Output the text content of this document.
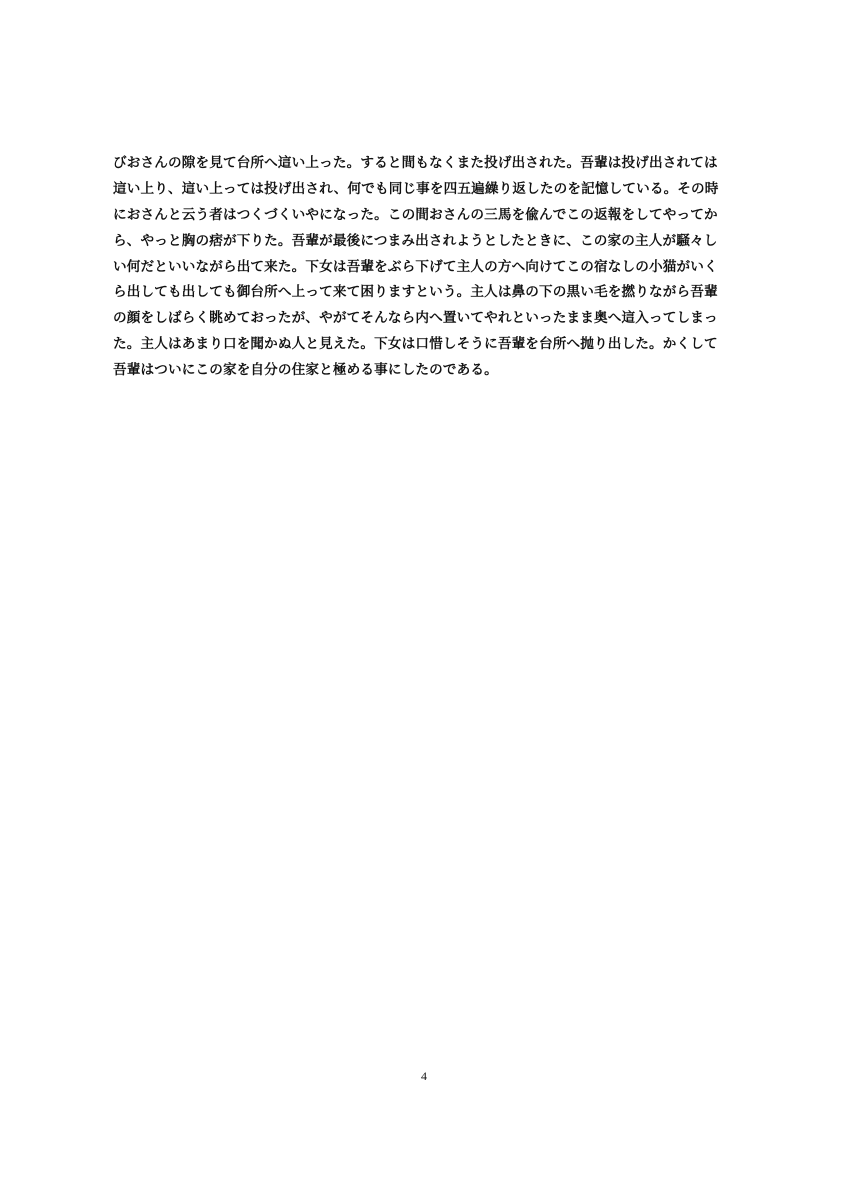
びおさんの隙を見て台所へ這い上った。すると間もなくまた投げ出された。吾輩は投げ出されては
這い上り、這い上っては投げ出され、何でも同じ事を四五遍繰り返したのを記憶している。その時
におさんと云う者はつくづくいやになった。この間おさんの三馬を偸んでこの返報をしてやってか
ら、やっと胸の痞が下りた。吾輩が最後につまみ出されようとしたときに、この家の主人が騒々し
い何だといいながら出て来た。下女は吾輩をぶら下げて主人の方へ向けてこの宿なしの小猫がいく
ら出しても出しても御台所へ上って来て困りますという。主人は鼻の下の黒い毛を撚りながら吾輩
の顔をしばらく眺めておったが、やがてそんなら内へ置いてやれといったまま奥へ這入ってしまっ
た。主人はあまり口を聞かぬ人と見えた。下女は口惜しそうに吾輩を台所へ抛り出した。かくして
吾輩はついにこの家を自分の住家と極める事にしたのである。
4
